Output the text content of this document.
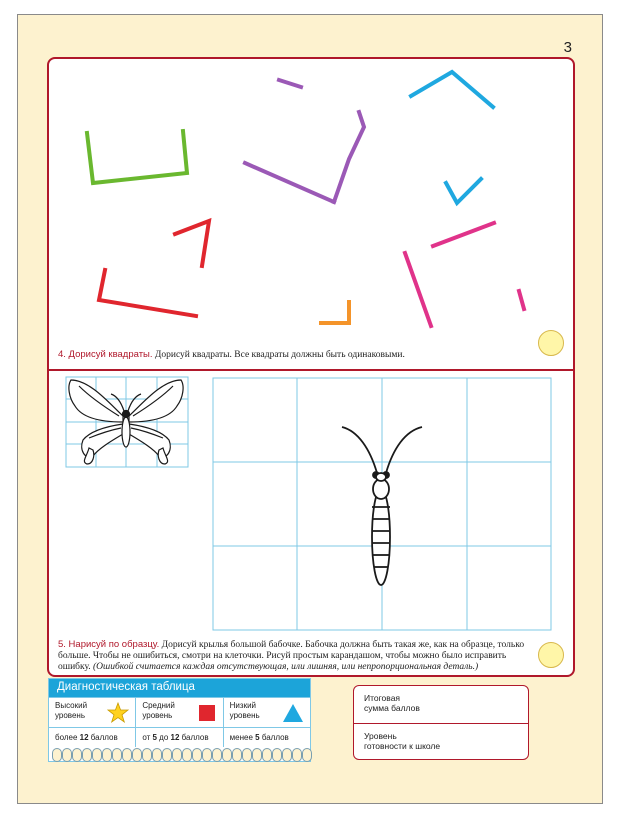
3
4. Дорисуй квадраты. Дорисуй квадраты. Все квадраты должны быть одинаковыми.
5. Нарисуй по образцу. Дорисуй крылья большой бабочке. Бабочка должна быть такая же, как на образце, только больше. Чтобы не ошибиться, смотри на клеточки. Рисуй простым карандашом, чтобы можно было исправить ошибку. (Ошибкой считается каждая отсутствующая, или лишняя, или непропорциональная деталь.)
Диагностическая таблица
Высокий
уровень
Средний
уровень
Низкий
уровень
более 12 баллов	от 5 до 12 баллов	менее 5 баллов
Итоговая
сумма баллов
Уровень
готовности к школе
